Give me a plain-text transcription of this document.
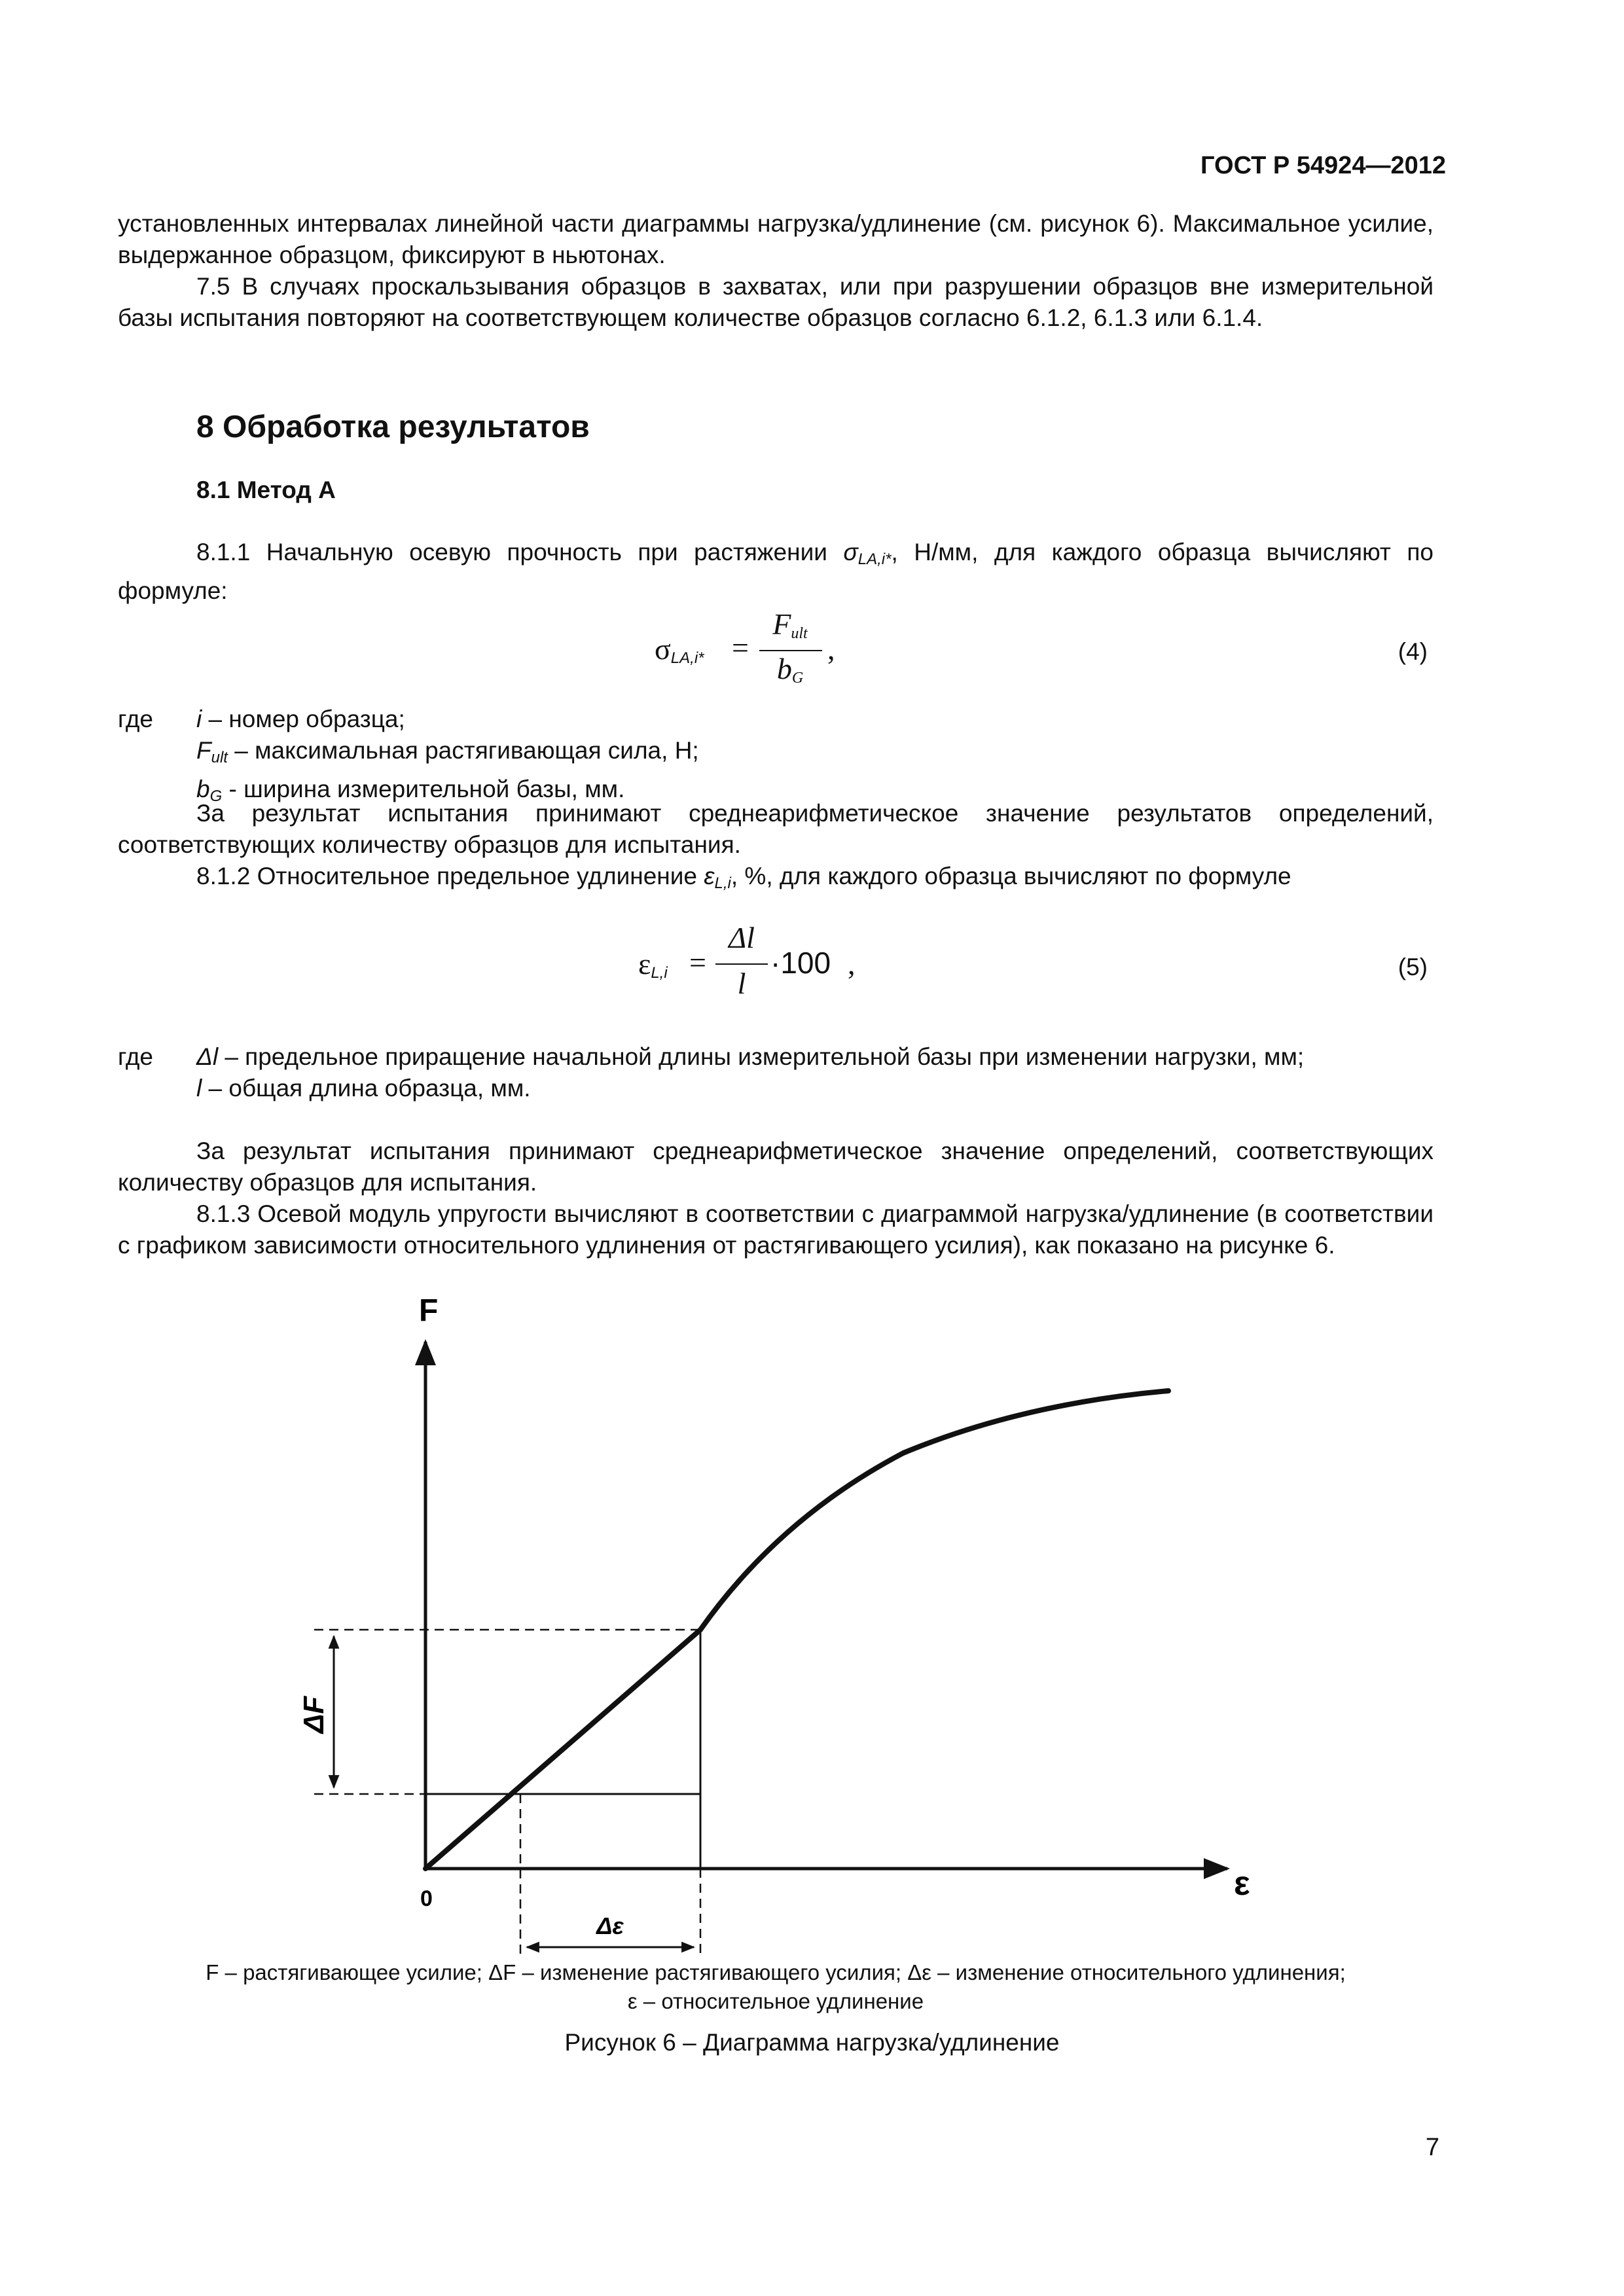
ГОСТ Р 54924—2012

установленных интервалах линейной части диаграммы нагрузка/удлинение (см. рисунок 6). Максимальное усилие, выдержанное образцом, фиксируют в ньютонах.

7.5 В случаях проскальзывания образцов в захватах, или при разрушении образцов вне измерительной базы испытания повторяют на соответствующем количестве образцов согласно 6.1.2, 6.1.3 или 6.1.4.

8 Обработка результатов
8.1 Метод А

8.1.1 Начальную осевую прочность при растяжении $\sigma_{LA,i*}$, Н/мм, для каждого образца вычисляют по формуле:

$\sigma_{LA,i*}$ =
$F_{ult}$
$b_G$
,	(4)
где i – номер образца;

$F_{ult}$ – максимальная растягивающая сила, Н;

$b_G$ - ширина измерительной базы, мм.

За результат испытания принимают среднеарифметическое значение результатов определений, соответствующих количеству образцов для испытания.

8.1.2 Относительное предельное удлинение $\varepsilon_{L,i}$, %, для каждого образца вычисляют по формуле

$\varepsilon_{L,i}$ =
Δl
l
·100 ,	(5)
где Δl – предельное приращение начальной длины измерительной базы при изменении нагрузки, мм;

l – общая длина образца, мм.

За результат испытания принимают среднеарифметическое значение определений, соответствующих количеству образцов для испытания.

8.1.3 Осевой модуль упругости вычисляют в соответствии с диаграммой нагрузка/удлинение (в соответствии с графиком зависимости относительного удлинения от растягивающего усилия), как показано на рисунке 6.

F
ε
0
ΔF
Δε
F – растягивающее усилие; ΔF – изменение растягивающего усилия; Δε – изменение относительного удлинения;
ε – относительное удлинение
Рисунок 6 – Диаграмма нагрузка/удлинение
7
